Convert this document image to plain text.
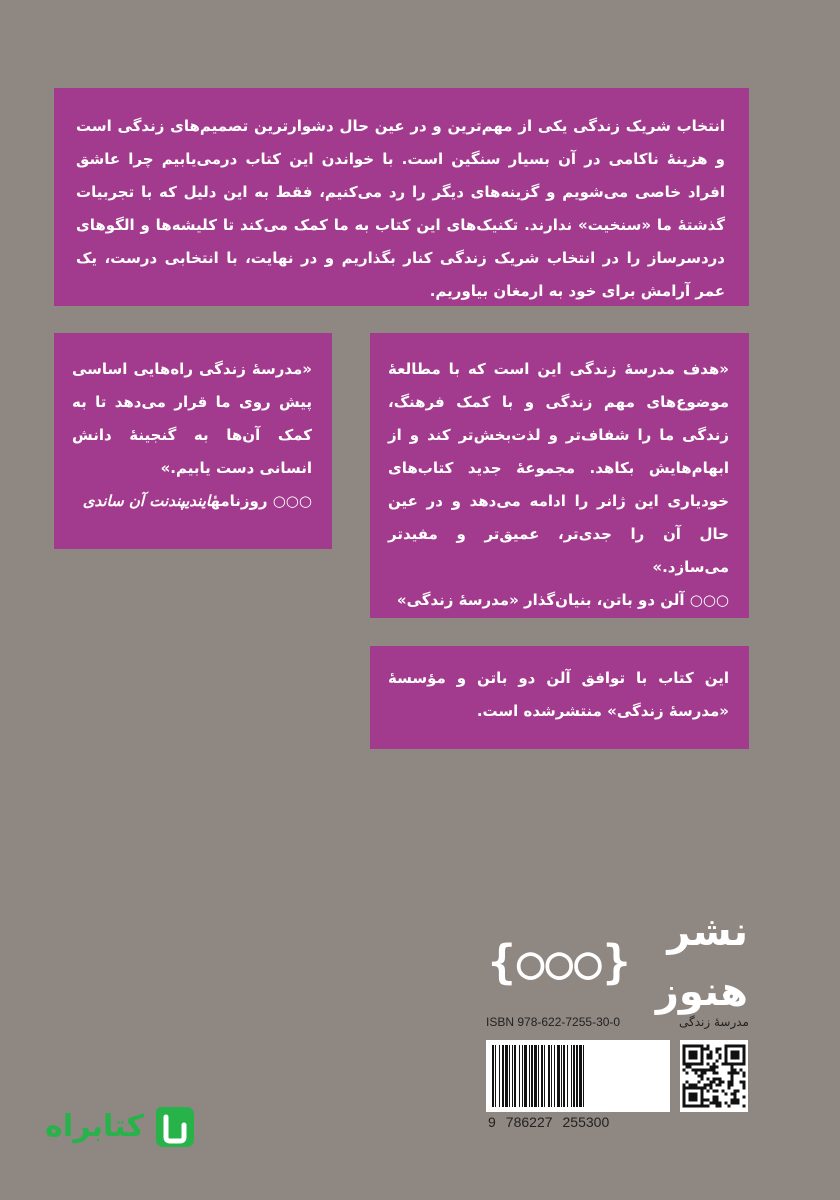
انتخاب شریک زندگی یکی از مهم‌ترین و در عین حال دشوارترین تصمیم‌های زندگی است و هزینهٔ ناکامی در آن بسیار سنگین است. با خواندن این کتاب درمی‌یابیم چرا عاشق افراد خاصی می‌شویم و گزینه‌های دیگر را رد می‌کنیم، فقط به این دلیل که با تجربیات گذشتهٔ ما «سنخیت» ندارند. تکنیک‌های این کتاب به ما کمک می‌کند تا کلیشه‌ها و الگوهای دردسرساز را در انتخاب شریک زندگی کنار بگذاریم و در نهایت، با انتخابی درست، یک عمر آرامش برای خود به ارمغان بیاوریم.

«مدرسهٔ زندگی راه‌هایی اساسی پیش روی ما قرار می‌دهد تا به کمک آن‌ها به گنجینهٔ دانش انسانی دست یابیم.»

○○○ روزنامهٔایندیپندنت آن ساندی

«هدف مدرسهٔ زندگی این است که با مطالعهٔ موضوع‌های مهم زندگی و با کمک فرهنگ، زندگی ما را شفاف‌تر و لذت‌بخش‌تر کند و از ابهام‌هایش بکاهد. مجموعهٔ جدید کتاب‌های خودیاری این ژانر را ادامه می‌دهد و در عین حال آن را جدی‌تر، عمیق‌تر و مفیدتر می‌سازد.»

○○○ آلن دو باتن، بنیان‌گذار «مدرسهٔ زندگی»

این کتاب با توافق آلن دو باتن و مؤسسهٔ «مدرسهٔ زندگی» منتشرشده است.

نشر هنوز
{○○○}
ISBN 978-622-7255-30-0	مدرسهٔ زندگی
9 786227 255300
کتابراه
